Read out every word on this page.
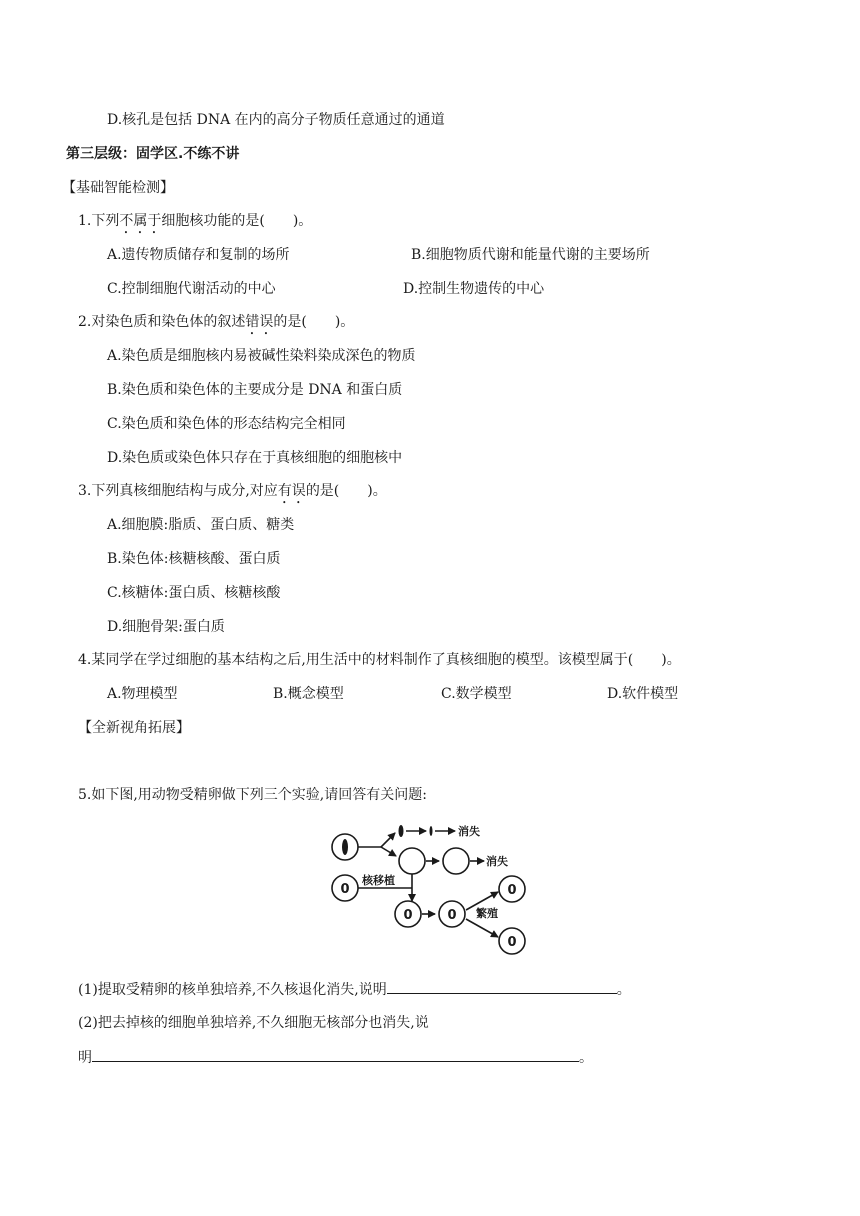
D.核孔是包括 DNA 在内的高分子物质任意通过的通道
第三层级：固学区.不练不讲
【基础智能检测】
1.下列不属于细胞核功能的是(　　)。
A.遗传物质储存和复制的场所	B.细胞物质代谢和能量代谢的主要场所
C.控制细胞代谢活动的中心	D.控制生物遗传的中心
2.对染色质和染色体的叙述错误的是(　　)。
A.染色质是细胞核内易被碱性染料染成深色的物质
B.染色质和染色体的主要成分是 DNA 和蛋白质
C.染色质和染色体的形态结构完全相同
D.染色质或染色体只存在于真核细胞的细胞核中
3.下列真核细胞结构与成分,对应有误的是(　　)。
A.细胞膜:脂质、蛋白质、糖类
B.染色体:核糖核酸、蛋白质
C.核糖体:蛋白质、核糖核酸
D.细胞骨架:蛋白质
4.某同学在学过细胞的基本结构之后,用生活中的材料制作了真核细胞的模型。该模型属于(　　)。
A.物理模型	B.概念模型	C.数学模型	D.软件模型
【全新视角拓展】
5.如下图,用动物受精卵做下列三个实验,请回答有关问题:
0
0	0
0
0
消失
消失
核移植
繁殖
(1)提取受精卵的核单独培养,不久核退化消失,说明	。
(2)把去掉核的细胞单独培养,不久细胞无核部分也消失,说
明	。
